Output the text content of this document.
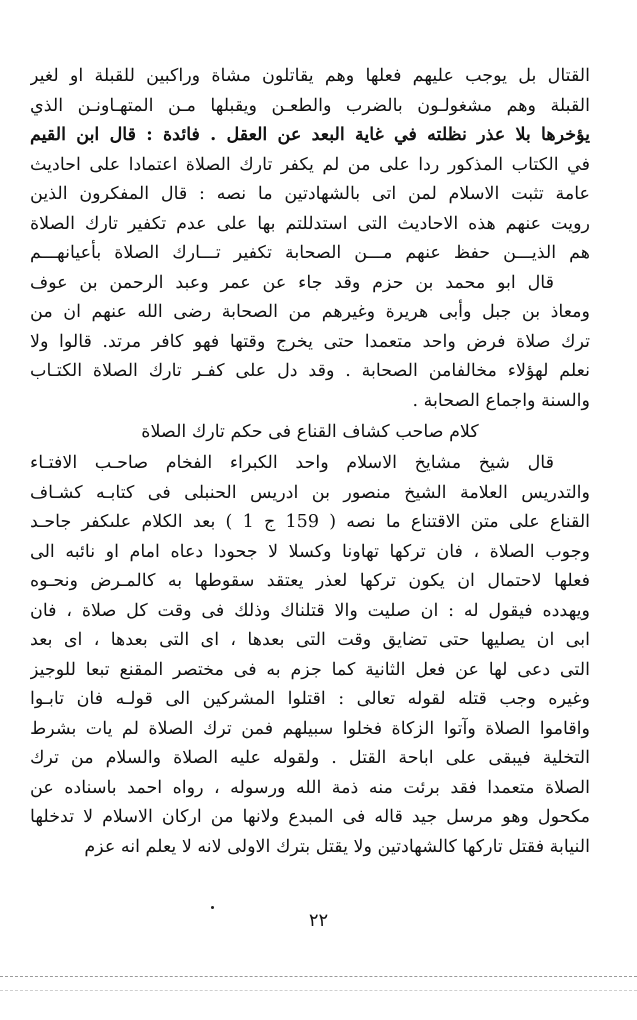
القتال بل يوجب عليهم فعلها وهم يقاتلون مشاة وراكبين للقبلة او لغير
القبلة وهم مشغولـون بالضرب والطعـن ويقبلها مـن المتهـاونـن الذي
يؤخرها بلا عذر نظلته في غاية البعد عن العقل . فائدة : قال ابن القيم
في الكتاب المذكور ردا على من لم يكفر تارك الصلاة اعتمادا على احاديث
عامة تثبت الاسلام لمن اتى بالشهادتين ما نصه : قال المفكرون الذين
رويت عنهم هذه الاحاديث التى استدللتم بها على عدم تكفير تارك الصلاة
هم الذيـــن حفظ عنهم مـــن الصحابة تكفير تـــارك الصلاة بأعيانهـــم
قال ابو محمد بن حزم وقد جاء عن عمر وعبد الرحمن بن عوف
ومعاذ بن جبل وأبى هريرة وغيرهم من الصحابة رضى الله عنهم ان من
ترك صلاة فرض واحد متعمدا حتى يخرج وقتها فهو كافر مرتد. قالوا ولا
نعلم لهؤلاء مخالفامن الصحابة . وقد دل على كفـر تارك الصلاة الكتـاب
والسنة واجماع الصحابة .
كلام صاحب كشاف القناع فى حكم تارك الصلاة
قال شيخ مشايخ الاسلام واحد الكبراء الفخام صاحـب الافتـاء
والتدريس العلامة الشيخ منصور بن ادريس الحنبلى فى كتابـه كشـاف
القناع على متن الاقتناع ما نصه ( 159 ج 1 ) بعد الكلام علىكفر جاحـد
وجوب الصلاة ، فان تركها تهاونا وكسلا لا جحودا دعاه امام او نائبه الى
فعلها لاحتمال ان يكون تركها لعذر يعتقد سقوطها به كالمـرض ونحـوه
ويهدده فيقول له : ان صليت والا قتلناك وذلك فى وقت كل صلاة ، فان
ابى ان يصليها حتى تضايق وقت التى بعدها ، اى التى بعدها ، اى بعد
التى دعى لها عن فعل الثانية كما جزم به فى مختصر المقنع تبعا للوجيز
وغيره وجب قتله لقوله تعالى : اقتلوا المشركين الى قولـه فان تابـوا
واقاموا الصلاة وآتوا الزكاة فخلوا سبيلهم فمن ترك الصلاة لم يات بشرط
التخلية فيبقى على اباحة القتل . ولقوله عليه الصلاة والسلام من ترك
الصلاة متعمدا فقد برئت منه ذمة الله ورسوله ، رواه احمد باسناده عن
مكحول وهو مرسل جيد قاله فى المبدع ولانها من اركان الاسلام لا تدخلها
النيابة فقتل تاركها كالشهادتين ولا يقتل بترك الاولى لانه لا يعلم انه عزم
٢٢
